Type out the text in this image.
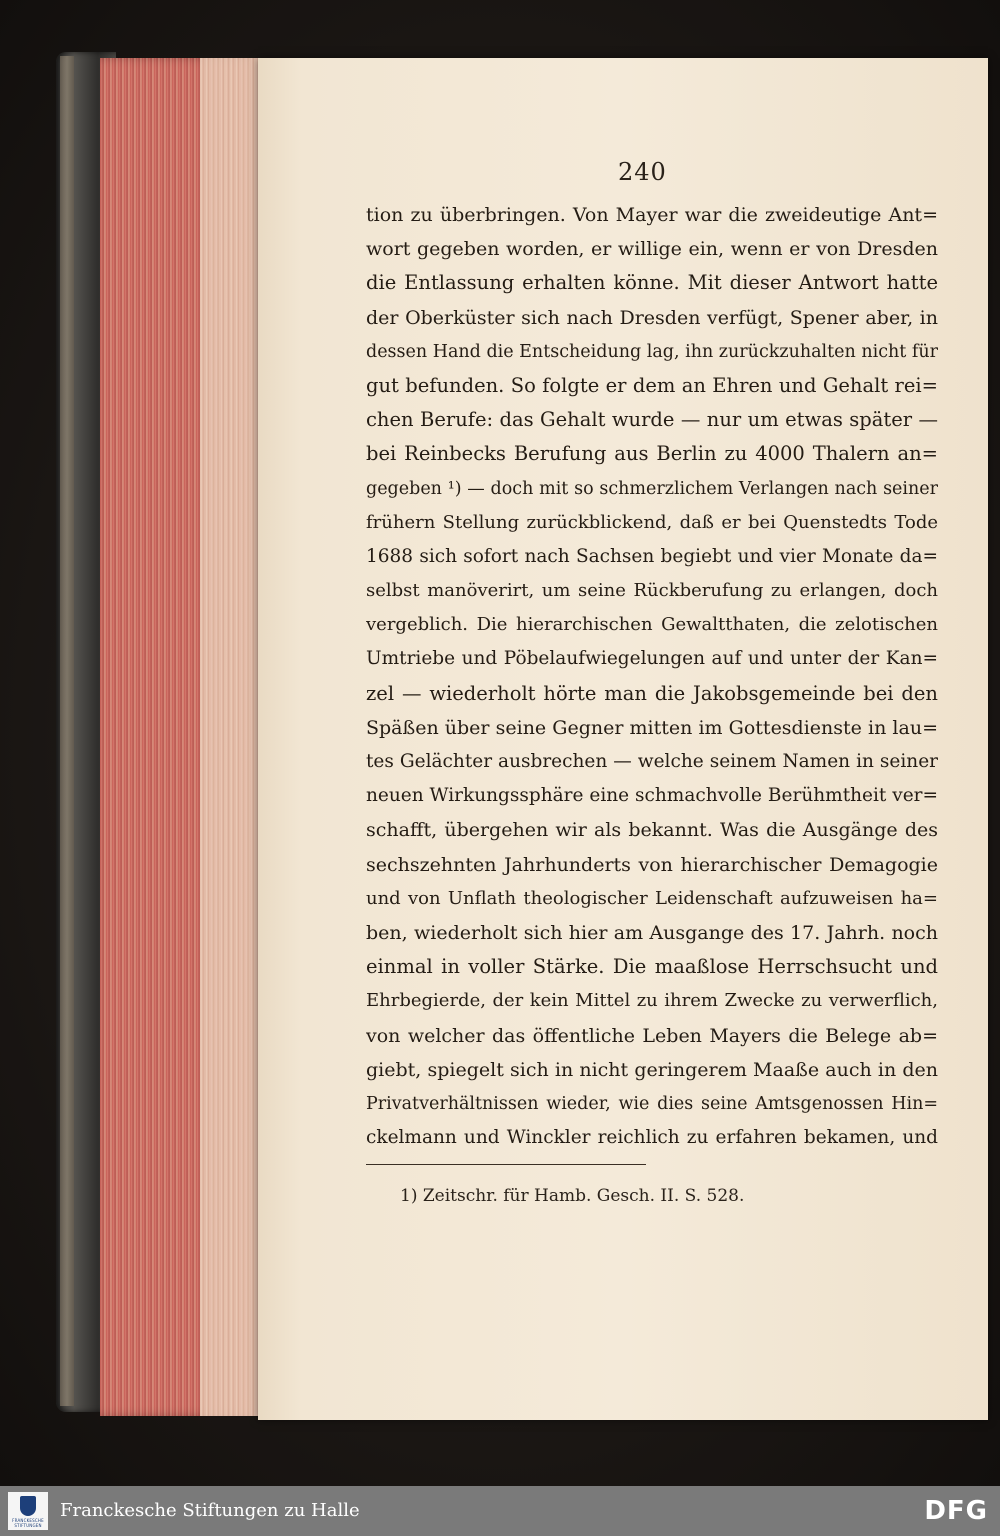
240
tion zu überbringen. Von Mayer war die zweideutige Ant=
wort gegeben worden, er willige ein, wenn er von Dresden
die Entlassung erhalten könne. Mit dieser Antwort hatte
der Oberküster sich nach Dresden verfügt, Spener aber, in
dessen Hand die Entscheidung lag, ihn zurückzuhalten nicht für
gut befunden. So folgte er dem an Ehren und Gehalt rei=
chen Berufe: das Gehalt wurde — nur um etwas später —
bei Reinbecks Berufung aus Berlin zu 4000 Thalern an=
gegeben ¹) — doch mit so schmerzlichem Verlangen nach seiner
frühern Stellung zurückblickend, daß er bei Quenstedts Tode
1688 sich sofort nach Sachsen begiebt und vier Monate da=
selbst manöverirt, um seine Rückberufung zu erlangen, doch
vergeblich. Die hierarchischen Gewaltthaten, die zelotischen
Umtriebe und Pöbelaufwiegelungen auf und unter der Kan=
zel — wiederholt hörte man die Jakobsgemeinde bei den
Späßen über seine Gegner mitten im Gottesdienste in lau=
tes Gelächter ausbrechen — welche seinem Namen in seiner
neuen Wirkungssphäre eine schmachvolle Berühmtheit ver=
schafft, übergehen wir als bekannt. Was die Ausgänge des
sechszehnten Jahrhunderts von hierarchischer Demagogie
und von Unflath theologischer Leidenschaft aufzuweisen ha=
ben, wiederholt sich hier am Ausgange des 17. Jahrh. noch
einmal in voller Stärke. Die maaßlose Herrschsucht und
Ehrbegierde, der kein Mittel zu ihrem Zwecke zu verwerflich,
von welcher das öffentliche Leben Mayers die Belege ab=
giebt, spiegelt sich in nicht geringerem Maaße auch in den
Privatverhältnissen wieder, wie dies seine Amtsgenossen Hin=
ckelmann und Winckler reichlich zu erfahren bekamen, und
1) Zeitschr. für Hamb. Gesch. II. S. 528.
FRANCKESCHE STIFTUNGEN
Franckesche Stiftungen zu Halle	DFG
